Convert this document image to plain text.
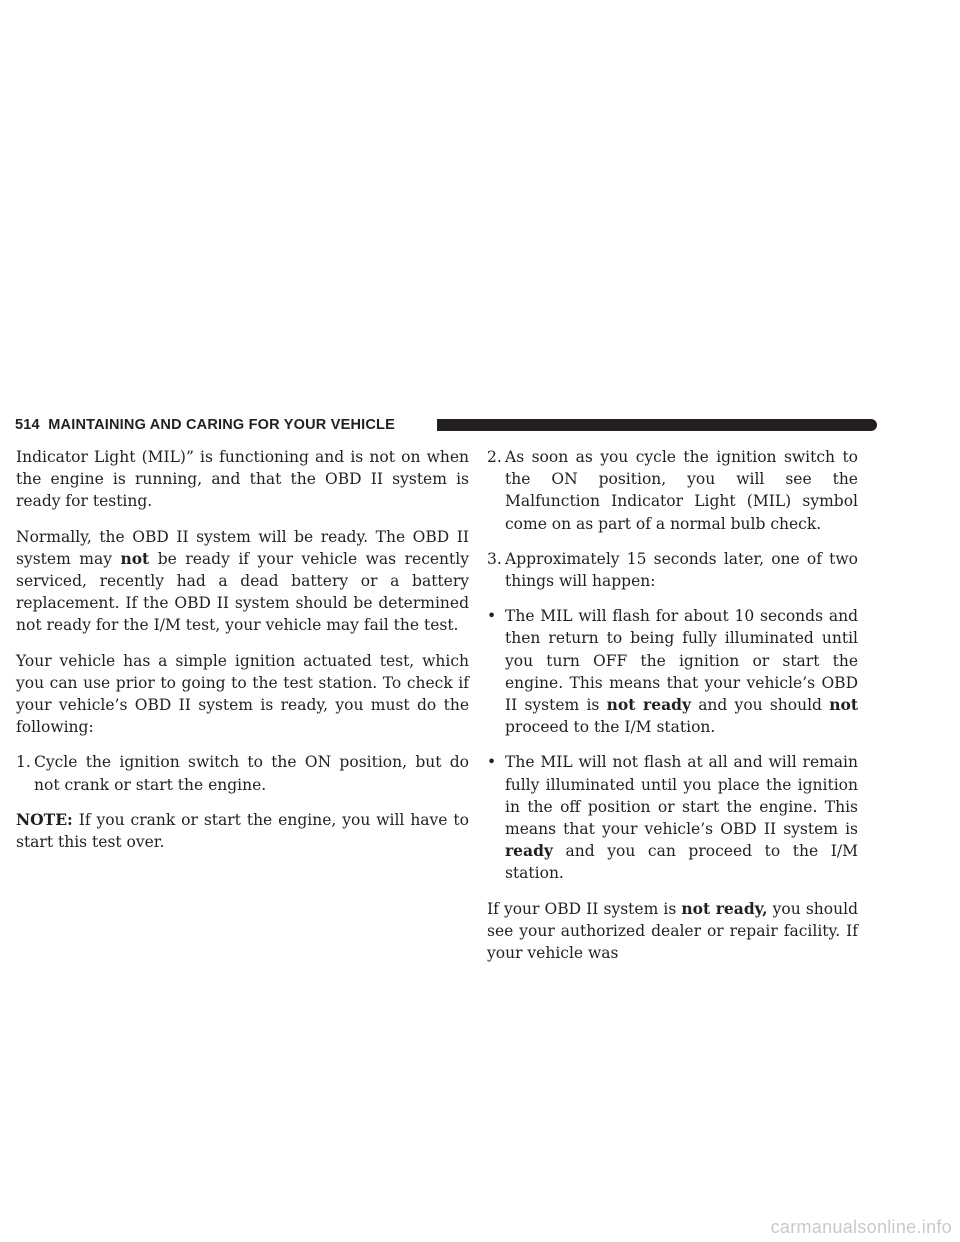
514 MAINTAINING AND CARING FOR YOUR VEHICLE

Indicator Light (MIL)” is functioning and is not on when the engine is running, and that the OBD II system is ready for testing.

Normally, the OBD II system will be ready. The OBD II system may not be ready if your vehicle was recently serviced, recently had a dead battery or a battery replacement. If the OBD II system should be determined not ready for the I/M test, your vehicle may fail the test.

Your vehicle has a simple ignition actuated test, which you can use prior to going to the test station. To check if your vehicle’s OBD II system is ready, you must do the following:

1. Cycle the ignition switch to the ON position, but do not crank or start the engine.

NOTE: If you crank or start the engine, you will have to start this test over.

2. As soon as you cycle the ignition switch to the ON position, you will see the Malfunction Indicator Light (MIL) symbol come on as part of a normal bulb check.
3. Approximately 15 seconds later, one of two things will happen:
• The MIL will flash for about 10 seconds and then return to being fully illuminated until you turn OFF the ignition or start the engine. This means that your vehicle’s OBD II system is not ready and you should not proceed to the I/M station.
• The MIL will not flash at all and will remain fully illuminated until you place the ignition in the off position or start the engine. This means that your vehicle’s OBD II system is ready and you can proceed to the I/M station.

If your OBD II system is not ready, you should see your authorized dealer or repair facility. If your vehicle was

carmanualsonline.info
